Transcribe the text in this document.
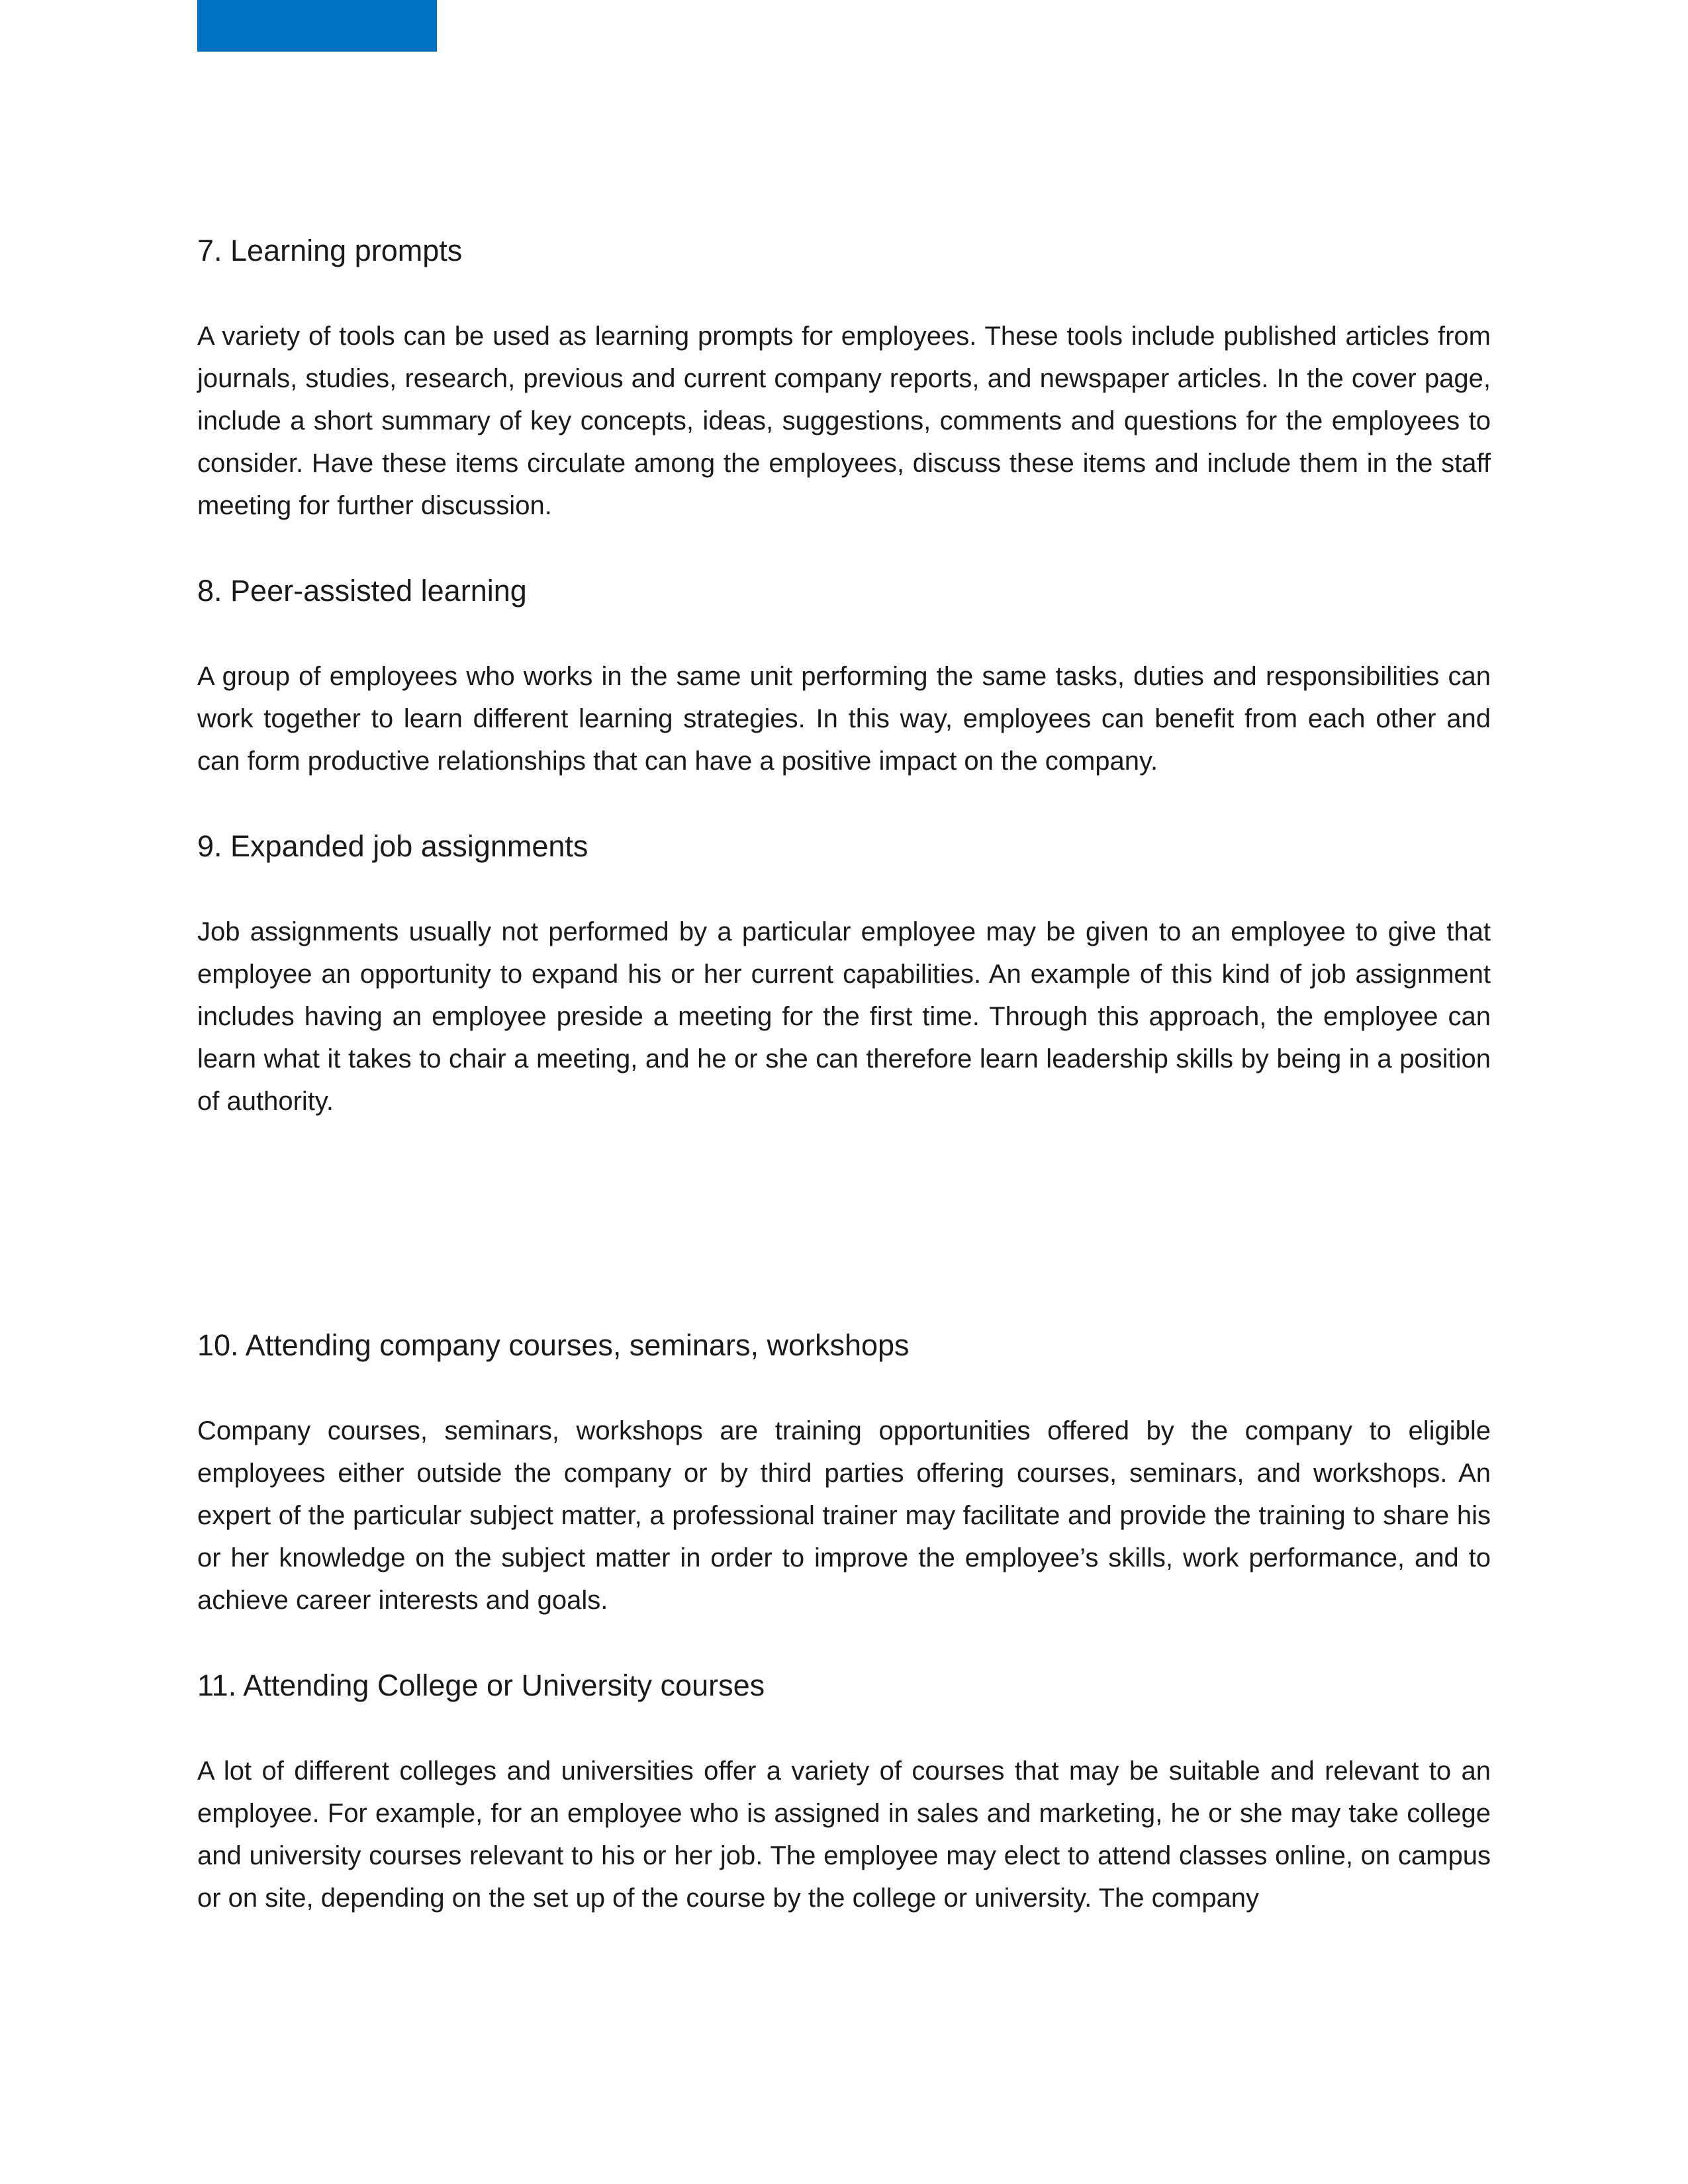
7. Learning prompts

A variety of tools can be used as learning prompts for employees. These tools include published articles from journals, studies, research, previous and current company reports, and newspaper articles. In the cover page, include a short summary of key concepts, ideas, suggestions, comments and questions for the employees to consider. Have these items circulate among the employees, discuss these items and include them in the staff meeting for further discussion.

8. Peer-assisted learning

A group of employees who works in the same unit performing the same tasks, duties and responsibilities can work together to learn different learning strategies. In this way, employees can benefit from each other and can form productive relationships that can have a positive impact on the company.

9. Expanded job assignments

Job assignments usually not performed by a particular employee may be given to an employee to give that employee an opportunity to expand his or her current capabilities. An example of this kind of job assignment includes having an employee preside a meeting for the first time. Through this approach, the employee can learn what it takes to chair a meeting, and he or she can therefore learn leadership skills by being in a position of authority.

10. Attending company courses, seminars, workshops

Company courses, seminars, workshops are training opportunities offered by the company to eligible employees either outside the company or by third parties offering courses, seminars, and workshops. An expert of the particular subject matter, a professional trainer may facilitate and provide the training to share his or her knowledge on the subject matter in order to improve the employee’s skills, work performance, and to achieve career interests and goals.

11. Attending College or University courses

A lot of different colleges and universities offer a variety of courses that may be suitable and relevant to an employee. For example, for an employee who is assigned in sales and marketing, he or she may take college and university courses relevant to his or her job. The employee may elect to attend classes online, on campus or on site, depending on the set up of the course by the college or university. The company
